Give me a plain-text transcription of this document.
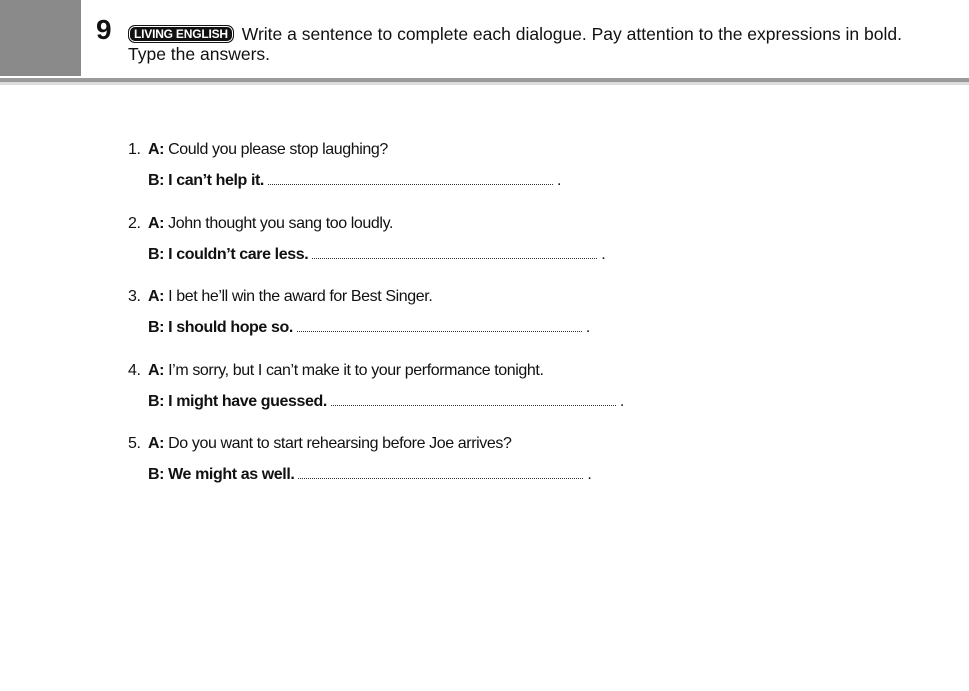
9	LIVING ENGLISH Write a sentence to complete each dialogue. Pay attention to the expressions in bold.
Type the answers.
1. A: Could you please stop laughing?
B: I can’t help it.	.
2. A: John thought you sang too loudly.
B: I couldn’t care less.	.
3. A: I bet he’ll win the award for Best Singer.
B: I should hope so.	.
4. A: I’m sorry, but I can’t make it to your performance tonight.
B: I might have guessed.	.
5. A: Do you want to start rehearsing before Joe arrives?
B: We might as well.	.
